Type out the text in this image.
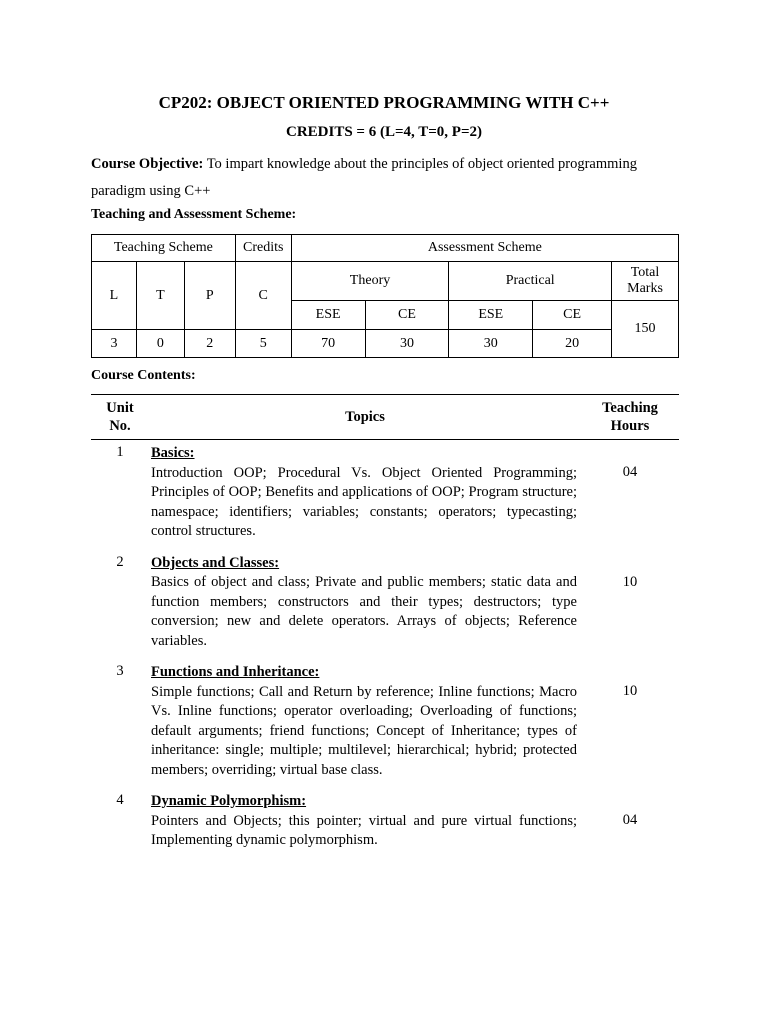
CP202: OBJECT ORIENTED PROGRAMMING WITH C++
CREDITS = 6 (L=4, T=0, P=2)
Course Objective: To impart knowledge about the principles of object oriented programming
paradigm using C++
Teaching and Assessment Scheme:
Teaching Scheme			Credits	Assessment Scheme				
L	T	P	C	Theory		Practical		Total Marks
				ESE	CE	ESE	CE	150
3	0	2	5	70	30	30	20	
Course Contents:
Unit No.	Topics	Teaching Hours
1	Basics:
Introduction OOP; Procedural Vs. Object Oriented Programming; Principles of OOP; Benefits and applications of OOP; Program structure; namespace; identifiers; variables; constants; operators; typecasting; control structures.	04
2	Objects and Classes:
Basics of object and class; Private and public members; static data and function members; constructors and their types; destructors; type conversion; new and delete operators. Arrays of objects; Reference variables.	10
3	Functions and Inheritance:
Simple functions; Call and Return by reference; Inline functions; Macro Vs. Inline functions; operator overloading; Overloading of functions; default arguments; friend functions; Concept of Inheritance; types of inheritance: single; multiple; multilevel; hierarchical; hybrid; protected members; overriding; virtual base class.	10
4	Dynamic Polymorphism:
Pointers and Objects; this pointer; virtual and pure virtual functions; Implementing dynamic polymorphism.	04
